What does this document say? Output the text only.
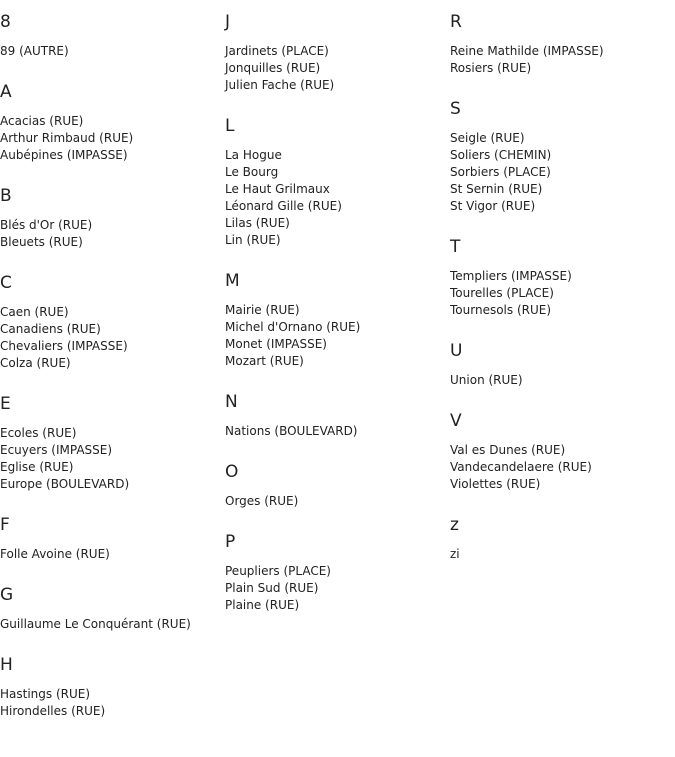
8
89 (AUTRE)
A
Acacias (RUE)
Arthur Rimbaud (RUE)
Aubépines (IMPASSE)
B
Blés d'Or (RUE)
Bleuets (RUE)
C
Caen (RUE)
Canadiens (RUE)
Chevaliers (IMPASSE)
Colza (RUE)
E
Ecoles (RUE)
Ecuyers (IMPASSE)
Eglise (RUE)
Europe (BOULEVARD)
F
Folle Avoine (RUE)
G
Guillaume Le Conquérant (RUE)
H
Hastings (RUE)
Hirondelles (RUE)
J
Jardinets (PLACE)
Jonquilles (RUE)
Julien Fache (RUE)
L
La Hogue
Le Bourg
Le Haut Grilmaux
Léonard Gille (RUE)
Lilas (RUE)
Lin (RUE)
M
Mairie (RUE)
Michel d'Ornano (RUE)
Monet (IMPASSE)
Mozart (RUE)
N
Nations (BOULEVARD)
O
Orges (RUE)
P
Peupliers (PLACE)
Plain Sud (RUE)
Plaine (RUE)
R
Reine Mathilde (IMPASSE)
Rosiers (RUE)
S
Seigle (RUE)
Soliers (CHEMIN)
Sorbiers (PLACE)
St Sernin (RUE)
St Vigor (RUE)
T
Templiers (IMPASSE)
Tourelles (PLACE)
Tournesols (RUE)
U
Union (RUE)
V
Val es Dunes (RUE)
Vandecandelaere (RUE)
Violettes (RUE)
z
zi
